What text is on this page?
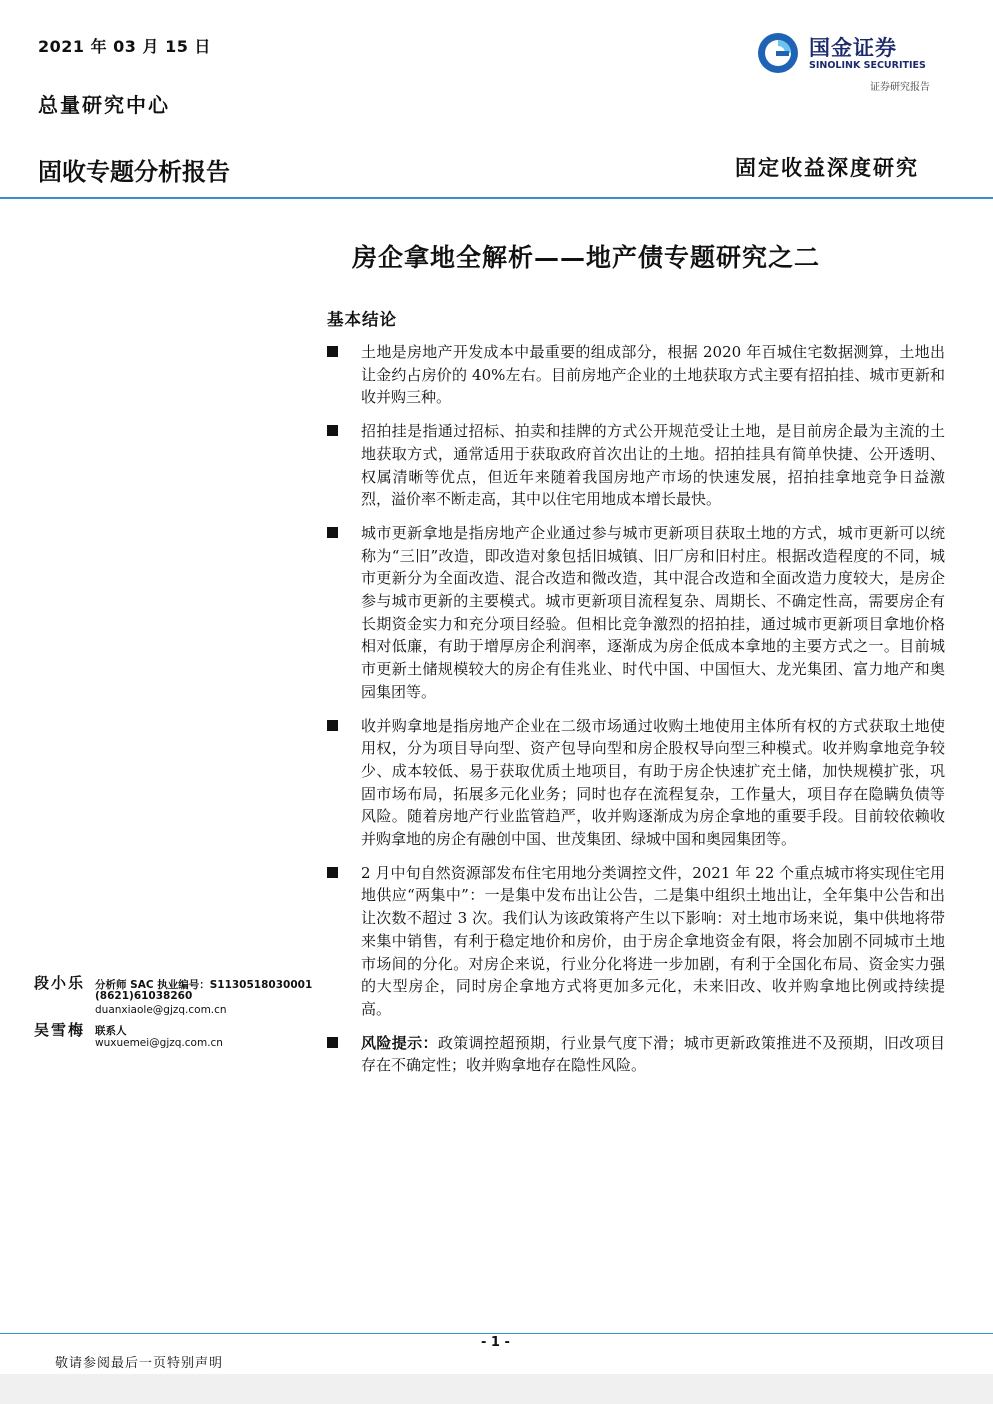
2021 年 03 月 15 日
总量研究中心
国金证券
SINOLINK SECURITIES
证券研究报告
固收专题分析报告	固定收益深度研究
房企拿地全解析——地产债专题研究之二
基本结论
土地是房地产开发成本中最重要的组成部分，根据 2020 年百城住宅数据测算，土地出让金约占房价的 40%左右。目前房地产企业的土地获取方式主要有招拍挂、城市更新和收并购三种。
招拍挂是指通过招标、拍卖和挂牌的方式公开规范受让土地，是目前房企最为主流的土地获取方式，通常适用于获取政府首次出让的土地。招拍挂具有简单快捷、公开透明、权属清晰等优点，但近年来随着我国房地产市场的快速发展，招拍挂拿地竞争日益激烈，溢价率不断走高，其中以住宅用地成本增长最快。
城市更新拿地是指房地产企业通过参与城市更新项目获取土地的方式，城市更新可以统称为“三旧”改造，即改造对象包括旧城镇、旧厂房和旧村庄。根据改造程度的不同，城市更新分为全面改造、混合改造和微改造，其中混合改造和全面改造力度较大，是房企参与城市更新的主要模式。城市更新项目流程复杂、周期长、不确定性高，需要房企有长期资金实力和充分项目经验。但相比竞争激烈的招拍挂，通过城市更新项目拿地价格相对低廉，有助于增厚房企利润率，逐渐成为房企低成本拿地的主要方式之一。目前城市更新土储规模较大的房企有佳兆业、时代中国、中国恒大、龙光集团、富力地产和奥园集团等。
收并购拿地是指房地产企业在二级市场通过收购土地使用主体所有权的方式获取土地使用权，分为项目导向型、资产包导向型和房企股权导向型三种模式。收并购拿地竞争较少、成本较低、易于获取优质土地项目，有助于房企快速扩充土储，加快规模扩张，巩固市场布局，拓展多元化业务；同时也存在流程复杂，工作量大，项目存在隐瞒负债等风险。随着房地产行业监管趋严，收并购逐渐成为房企拿地的重要手段。目前较依赖收并购拿地的房企有融创中国、世茂集团、绿城中国和奥园集团等。
2 月中旬自然资源部发布住宅用地分类调控文件，2021 年 22 个重点城市将实现住宅用地供应“两集中”：一是集中发布出让公告，二是集中组织土地出让，全年集中公告和出让次数不超过 3 次。我们认为该政策将产生以下影响：对土地市场来说，集中供地将带来集中销售，有利于稳定地价和房价，由于房企拿地资金有限，将会加剧不同城市土地市场间的分化。对房企来说，行业分化将进一步加剧，有利于全国化布局、资金实力强的大型房企，同时房企拿地方式将更加多元化，未来旧改、收并购拿地比例或持续提高。
风险提示：政策调控超预期，行业景气度下滑；城市更新政策推进不及预期，旧改项目存在不确定性；收并购拿地存在隐性风险。
段小乐 分析师 SAC 执业编号：S1130518030001
(8621)61038260
duanxiaole@gjzq.com.cn
吴雪梅 联系人
wuxuemei@gjzq.com.cn
- 1 -
敬请参阅最后一页特别声明
